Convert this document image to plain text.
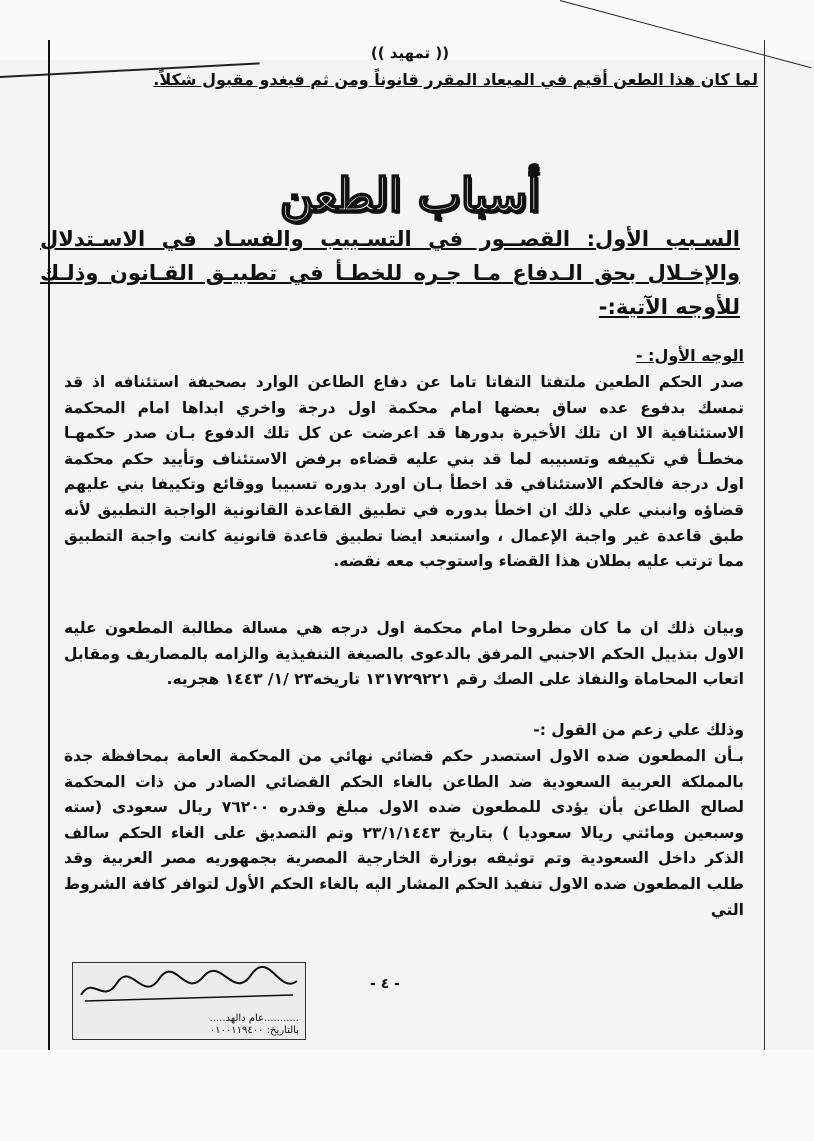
(( تمهيد ))
لما كان هذا الطعن أقيم في الميعاد المقرر قانوناً ومن ثم فيغدو مقبول شكلاً.
أسباب الطعن
السـبب الأول: القصــور في التسـبيب والفسـاد في الاسـتدلال والإخـلال بحق الـدفاع مـا جـره للخطـأ في تطبيـق القـانون وذلـك للأوجه الآتية:-
الوجه الأول: -
صدر الحكم الطعين ملتفتا التفاتا تاما عن دفاع الطاعن الوارد بصحيفة استئنافه اذ قد تمسك بدفوع عده ساق بعضها امام محكمة اول درجة واخري ابداها امام المحكمة الاستئنافية الا ان تلك الأخيرة بدورها قد اعرضت عن كل تلك الدفوع بـان صدر حكمهـا مخطـأ في تكييفه وتسبيبه لما قد بني عليه قضاءه برفض الاستئناف وتأييد حكم محكمة اول درجة فالحكم الاستئنافي قد اخطأ بـان اورد بدوره تسبيبا ووقائع وتكييفا بني عليهم قضاؤه وانبني علي ذلك ان اخطأ بدوره في تطبيق القاعدة القانونية الواجبة التطبيق لأنه طبق قاعدة غير واجبة الإعمال ، واستبعد ايضا تطبيق قاعدة قانونية كانت واجبة التطبيق مما ترتب عليه بطلان هذا القضاء واستوجب معه نقضه.
وبيان ذلك ان ما كان مطروحا امام محكمة اول درجه هي مسالة مطالبة المطعون عليه الاول بتذييل الحكم الاجنبي المرفق بالدعوى بالصيغة التنفيذية والزامه بالمصاريف ومقابل اتعاب المحاماة والنفاذ على الصك رقم ١٣١٧٢٩٢٢١ تاريخه٢٣ /١/ ١٤٤٣ هجريه.
وذلك علي زعم من القول :-
بـأن المطعون ضده الاول استصدر حكم قضائي نهائي من المحكمة العامة بمحافظة جدة بالمملكة العربية السعودية ضد الطاعن بالغاء الحكم القضائي الصادر من ذات المحكمة لصالح الطاعن بأن يؤدى للمطعون ضده الاول مبلغ وقدره ٧٦٢٠٠ ريال سعودى (سته وسبعين ومائتي ريالا سعوديا ) بتاريخ ٢٣/١/١٤٤٣ وتم التصديق على الغاء الحكم سالف الذكر داخل السعودية وتم توثيقه بوزارة الخارجية المصرية بجمهوريه مصر العربية وقد طلب المطعون ضده الاول تنفيذ الحكم المشار اليه بالغاء الحكم الأول لتوافر كافة الشروط التي
...........عام دالهد.....
بالتاريخ: ٠١٠٠١١٩٤٠٠
- ٤ -
